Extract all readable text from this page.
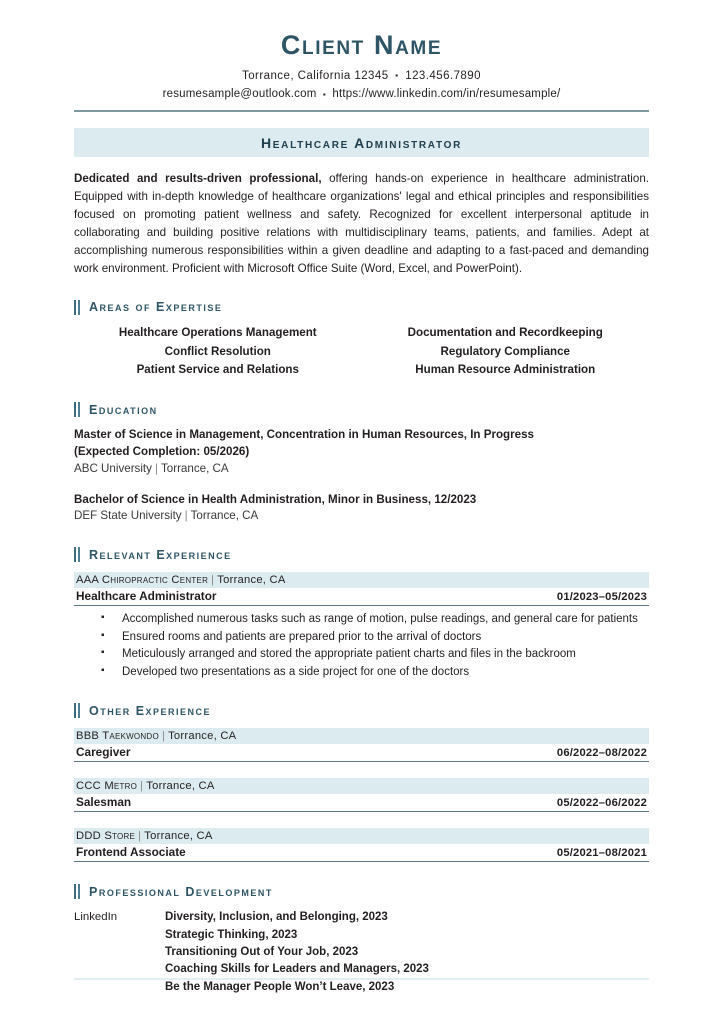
Client Name
Torrance, California 12345 ▪ 123.456.7890
resumesample@outlook.com ▪ https://www.linkedin.com/in/resumesample/
Healthcare Administrator

Dedicated and results-driven professional, offering hands-on experience in healthcare administration. Equipped with in-depth knowledge of healthcare organizations' legal and ethical principles and responsibilities focused on promoting patient wellness and safety. Recognized for excellent interpersonal aptitude in collaborating and building positive relations with multidisciplinary teams, patients, and families. Adept at accomplishing numerous responsibilities within a given deadline and adapting to a fast-paced and demanding work environment. Proficient with Microsoft Office Suite (Word, Excel, and PowerPoint).

Areas of Expertise
Healthcare Operations Management
Conflict Resolution
Patient Service and Relations
Documentation and Recordkeeping
Regulatory Compliance
Human Resource Administration
Education
Master of Science in Management, Concentration in Human Resources, In Progress
(Expected Completion: 05/2026)
ABC University | Torrance, CA
Bachelor of Science in Health Administration, Minor in Business, 12/2023
DEF State University | Torrance, CA
Relevant Experience
AAA Chiropractic Center | Torrance, CA
Healthcare Administrator	01/2023–05/2023
▪ Accomplished numerous tasks such as range of motion, pulse readings, and general care for patients
▪ Ensured rooms and patients are prepared prior to the arrival of doctors
▪ Meticulously arranged and stored the appropriate patient charts and files in the backroom
▪ Developed two presentations as a side project for one of the doctors
Other Experience
BBB Taekwondo | Torrance, CA
Caregiver	06/2022–08/2022
CCC Metro | Torrance, CA
Salesman	05/2022–06/2022
DDD Store | Torrance, CA
Frontend Associate	05/2021–08/2021
Professional Development
LinkedIn	Diversity, Inclusion, and Belonging, 2023
Strategic Thinking, 2023
Transitioning Out of Your Job, 2023
Coaching Skills for Leaders and Managers, 2023
Be the Manager People Won’t Leave, 2023
